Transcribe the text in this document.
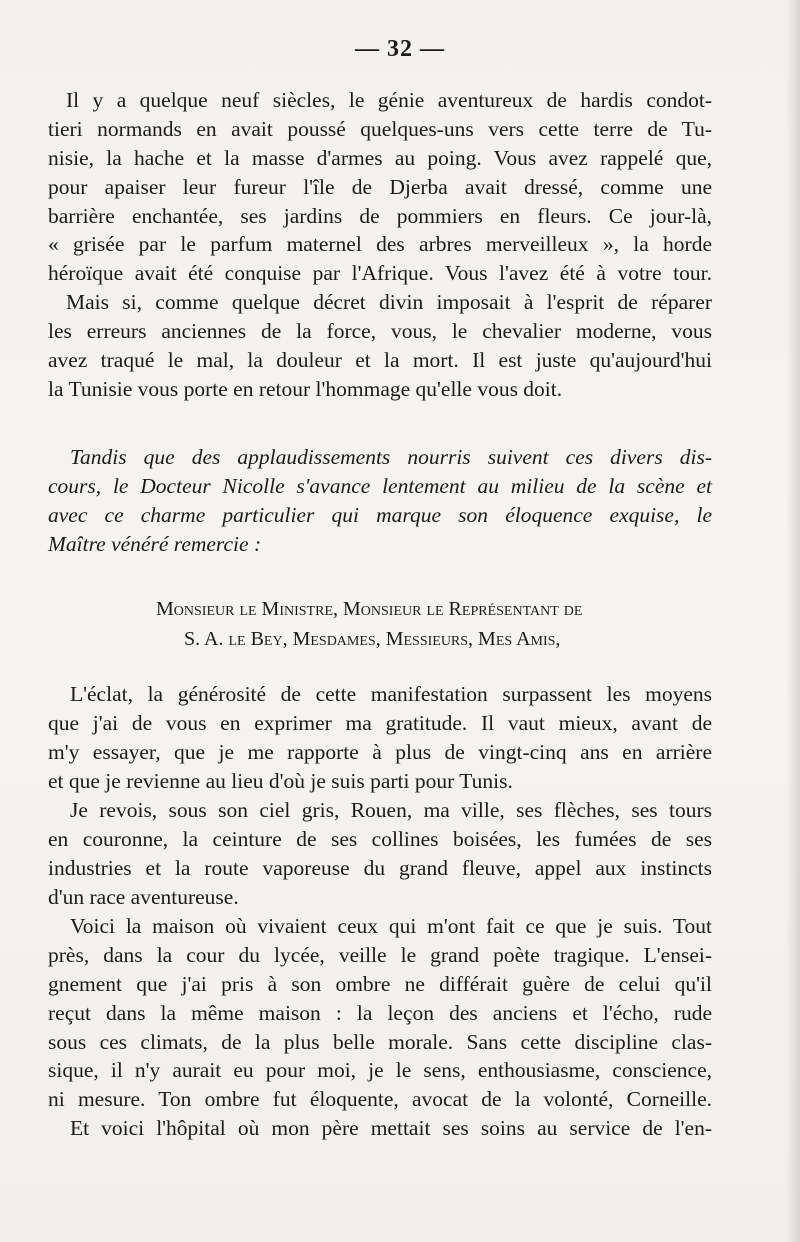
— 32 —
Il y a quelque neuf siècles, le génie aventureux de hardis condot-
tieri normands en avait poussé quelques-uns vers cette terre de Tu-
nisie, la hache et la masse d'armes au poing. Vous avez rappelé que,
pour apaiser leur fureur l'île de Djerba avait dressé, comme une
barrière enchantée, ses jardins de pommiers en fleurs. Ce jour-là,
« grisée par le parfum maternel des arbres merveilleux », la horde
héroïque avait été conquise par l'Afrique. Vous l'avez été à votre tour.
Mais si, comme quelque décret divin imposait à l'esprit de réparer
les erreurs anciennes de la force, vous, le chevalier moderne, vous
avez traqué le mal, la douleur et la mort. Il est juste qu'aujourd'hui
la Tunisie vous porte en retour l'hommage qu'elle vous doit.
Tandis que des applaudissements nourris suivent ces divers dis-
cours, le Docteur Nicolle s'avance lentement au milieu de la scène et
avec ce charme particulier qui marque son éloquence exquise, le
Maître vénéré remercie :
Monsieur le Ministre, Monsieur le Représentant de
S. A. le Bey, Mesdames, Messieurs, Mes Amis,
L'éclat, la générosité de cette manifestation surpassent les moyens
que j'ai de vous en exprimer ma gratitude. Il vaut mieux, avant de
m'y essayer, que je me rapporte à plus de vingt-cinq ans en arrière
et que je revienne au lieu d'où je suis parti pour Tunis.
Je revois, sous son ciel gris, Rouen, ma ville, ses flèches, ses tours
en couronne, la ceinture de ses collines boisées, les fumées de ses
industries et la route vaporeuse du grand fleuve, appel aux instincts
d'un race aventureuse.
Voici la maison où vivaient ceux qui m'ont fait ce que je suis. Tout
près, dans la cour du lycée, veille le grand poète tragique. L'ensei-
gnement que j'ai pris à son ombre ne différait guère de celui qu'il
reçut dans la même maison : la leçon des anciens et l'écho, rude
sous ces climats, de la plus belle morale. Sans cette discipline clas-
sique, il n'y aurait eu pour moi, je le sens, enthousiasme, conscience,
ni mesure. Ton ombre fut éloquente, avocat de la volonté, Corneille.
Et voici l'hôpital où mon père mettait ses soins au service de l'en-
